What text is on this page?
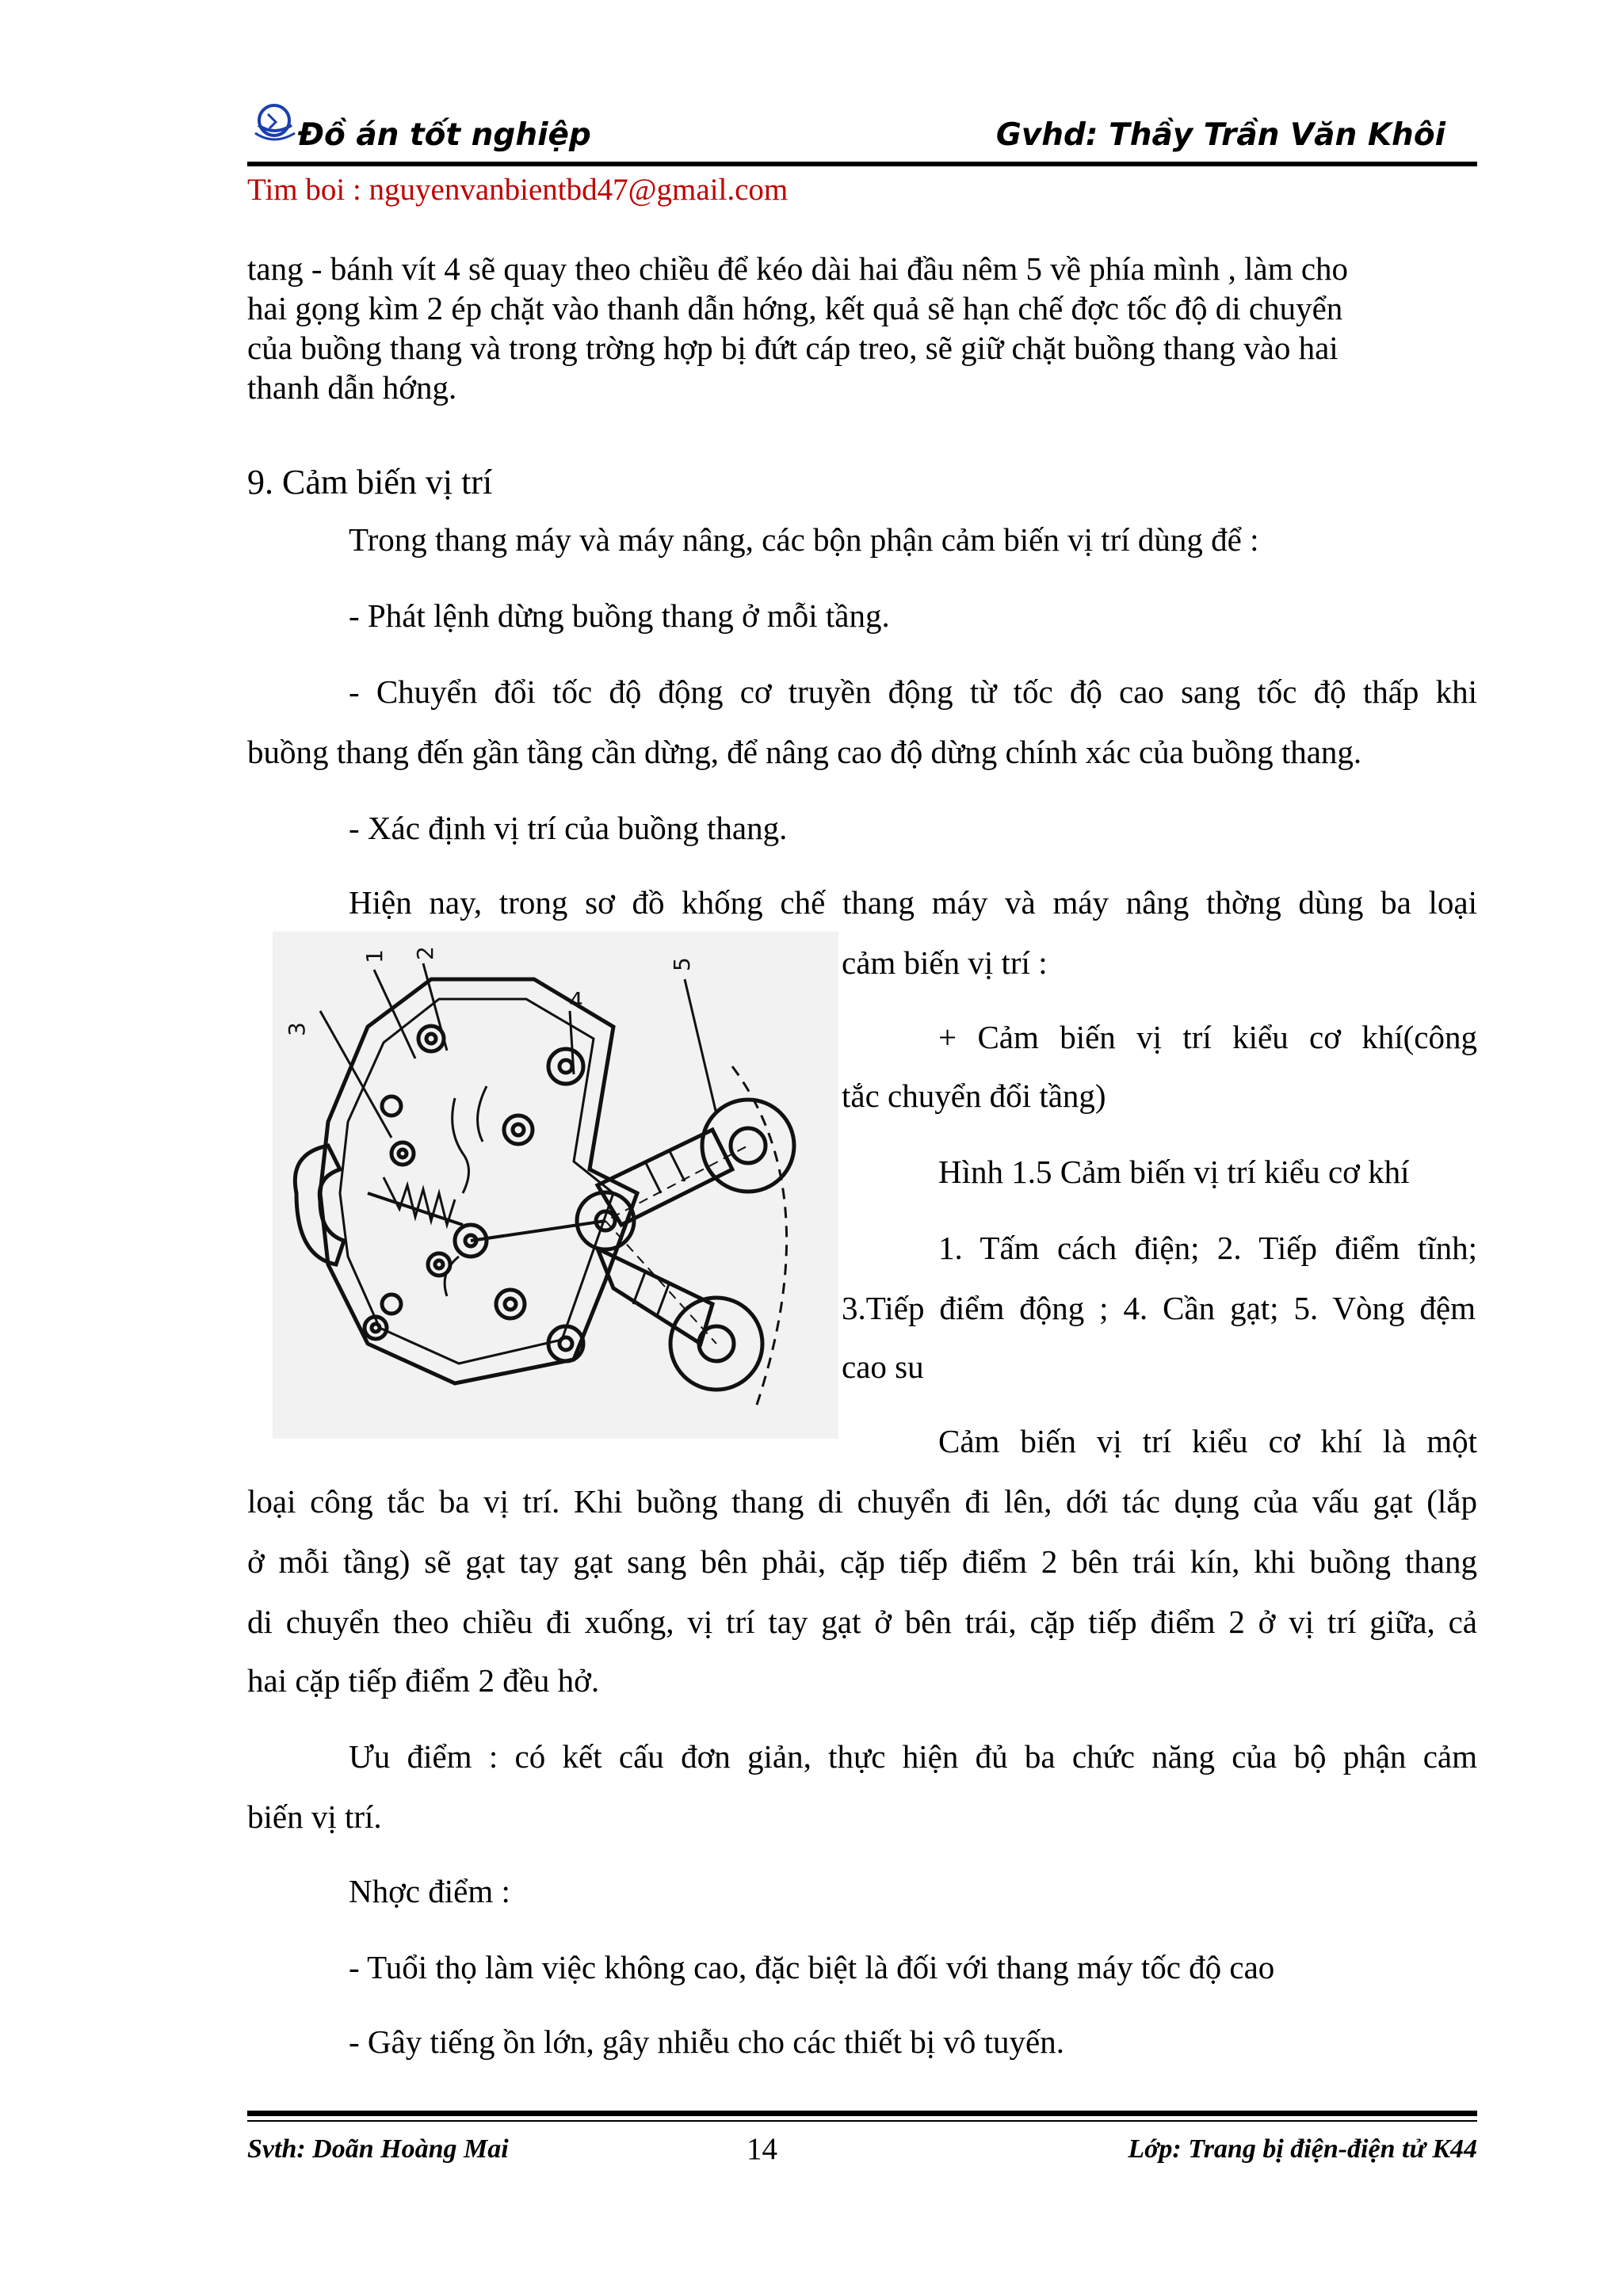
Đồ án tốt nghiệp	Gvhd: Thầy Trần Văn Khôi
Tim boi : nguyenvanbientbd47@gmail.com
tang - bánh vít 4 sẽ quay theo chiều để kéo dài hai đầu nêm 5 về phía mình , làm cho
hai gọng kìm 2 ép chặt vào thanh dẫn hớng, kết quả sẽ hạn chế đợc tốc độ di chuyển
của buồng thang và trong trờng hợp bị đứt cáp treo, sẽ giữ chặt buồng thang vào hai
thanh dẫn hớng.
9. Cảm biến vị trí
Trong thang máy và máy nâng, các bộn phận cảm biến vị trí dùng để :
- Phát lệnh dừng buồng thang ở mỗi tầng.
- Chuyển đổi tốc độ động cơ truyền động từ tốc độ cao sang tốc độ thấp khi
buồng thang đến gần tầng cần dừng, để nâng cao độ dừng chính xác của buồng thang.
- Xác định vị trí của buồng thang.
Hiện nay, trong sơ đồ khống chế thang máy và máy nâng thờng dùng ba loại
cảm biến vị trí :
1 2
3
4
5
+ Cảm biến vị trí kiểu cơ khí(công
tắc chuyển đổi tầng)
Hình 1.5 Cảm biến vị trí kiểu cơ khí
1. Tấm cách điện; 2. Tiếp điểm tĩnh;
3.Tiếp điểm động ; 4. Cần gạt; 5. Vòng đệm
cao su
Cảm biến vị trí kiểu cơ khí là một
loại công tắc ba vị trí. Khi buồng thang di chuyển đi lên, dới tác dụng của vấu gạt (lắp
ở mỗi tầng) sẽ gạt tay gạt sang bên phải, cặp tiếp điểm 2 bên trái kín, khi buồng thang
di chuyển theo chiều đi xuống, vị trí tay gạt ở bên trái, cặp tiếp điểm 2 ở vị trí giữa, cả
hai cặp tiếp điểm 2 đều hở.
Ưu điểm : có kết cấu đơn giản, thực hiện đủ ba chức năng của bộ phận cảm
biến vị trí.
Nhợc điểm :
- Tuổi thọ làm việc không cao, đặc biệt là đối với thang máy tốc độ cao
- Gây tiếng ồn lớn, gây nhiễu cho các thiết bị vô tuyến.
Svth: Doãn Hoàng Mai	14	Lớp: Trang bị điện-điện tử K44
